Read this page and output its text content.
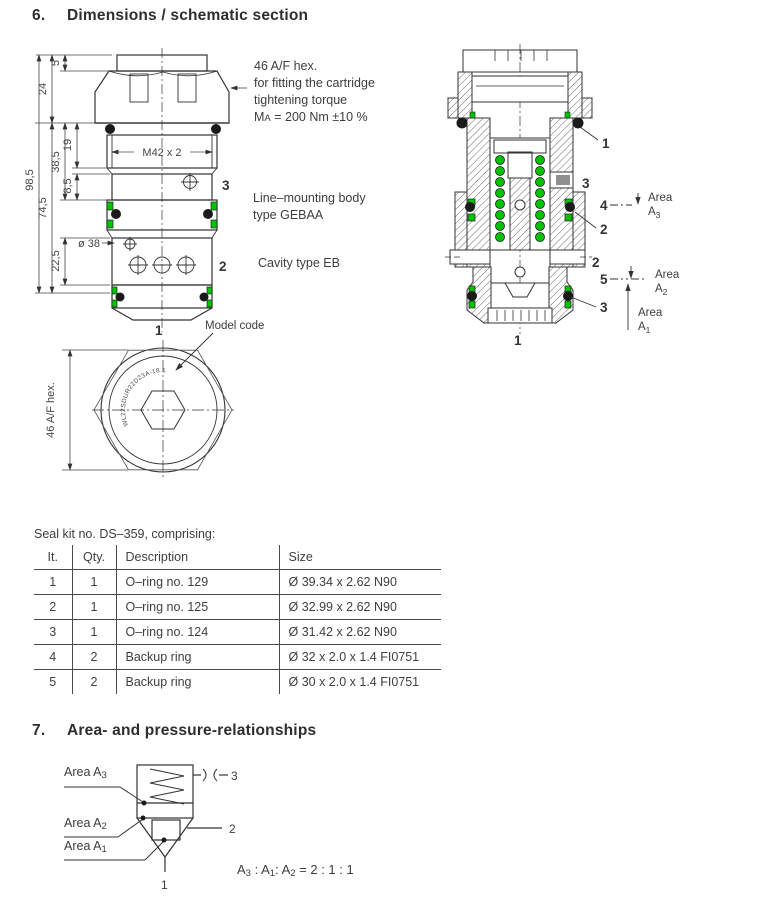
98,5
24
74,5
5
38,5
22,5
19
8,5
M42 x 2
ø 38
3
2
1
WL22SDUR22D23A-18.1
46 A/F hex.
1
3
4
2
2
5
3
1
Area
$A_3$
Area
$A_2$
Area
$A_1$
3
2
1
6. Dimensions / schematic section
46 A/F hex.
for fitting the cartridge
tightening torque
MA = 200 Nm ±10 %
Line–mounting body
type GEBAA
Cavity type EB
Model code
Seal kit no. DS–359, comprising:
It.	Qty.	Description	Size
1	1	O–ring no. 129	Ø 39.34 x 2.62 N90
2	1	O–ring no. 125	Ø 32.99 x 2.62 N90
3	1	O–ring no. 124	Ø 31.42 x 2.62 N90
4	2	Backup ring	Ø 32 x 2.0 x 1.4 FI0751
5	2	Backup ring	Ø 30 x 2.0 x 1.4 FI0751
7. Area- and pressure-relationships
Area $A_3$
Area $A_2$
Area $A_1$
$A_3$ : $A_1$: $A_2 = 2$ : 1 : 1
